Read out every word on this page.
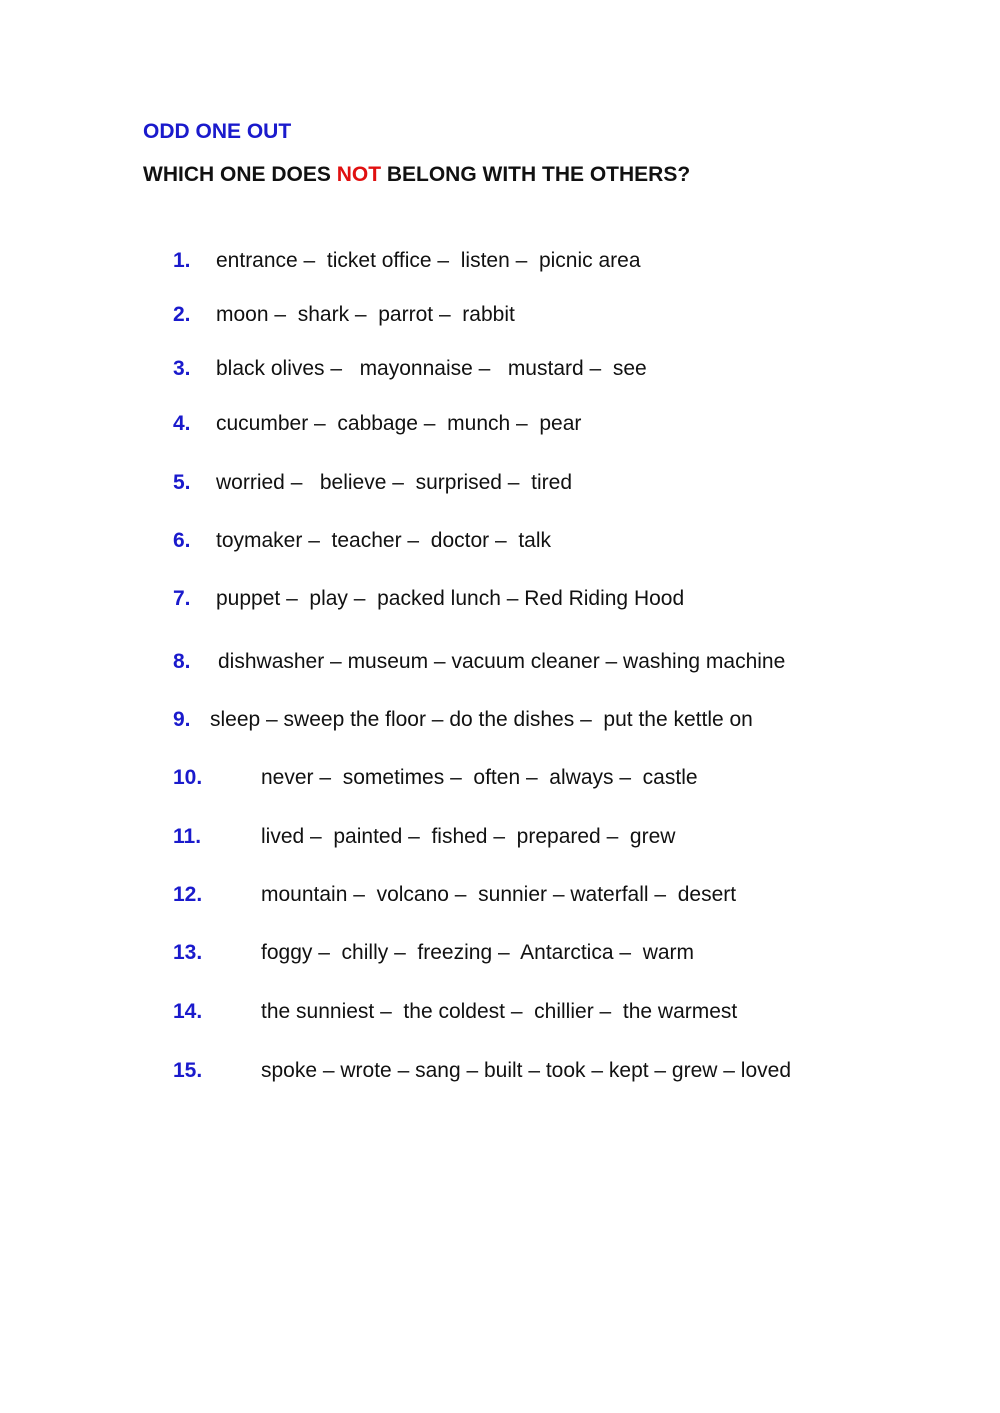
ODD ONE OUT

WHICH ONE DOES NOT BELONG WITH THE OTHERS?

1. entrance –  ticket office –  listen –  picnic area
2. moon –  shark –  parrot –  rabbit
3. black olives –   mayonnaise –   mustard –  see
4. cucumber –  cabbage –  munch –  pear
5. worried –   believe –  surprised –  tired
6. toymaker –  teacher –  doctor –  talk
7. puppet –  play –  packed lunch – Red Riding Hood
8. dishwasher – museum – vacuum cleaner – washing machine
9. sleep – sweep the floor – do the dishes –  put the kettle on
10.	never –  sometimes –  often –  always –  castle
11.	lived –  painted –  fished –  prepared –  grew
12.	mountain –  volcano –  sunnier – waterfall –  desert
13.	foggy –  chilly –  freezing –  Antarctica –  warm
14.	the sunniest –  the coldest –  chillier –  the warmest
15.	spoke – wrote – sang – built – took – kept – grew – loved
